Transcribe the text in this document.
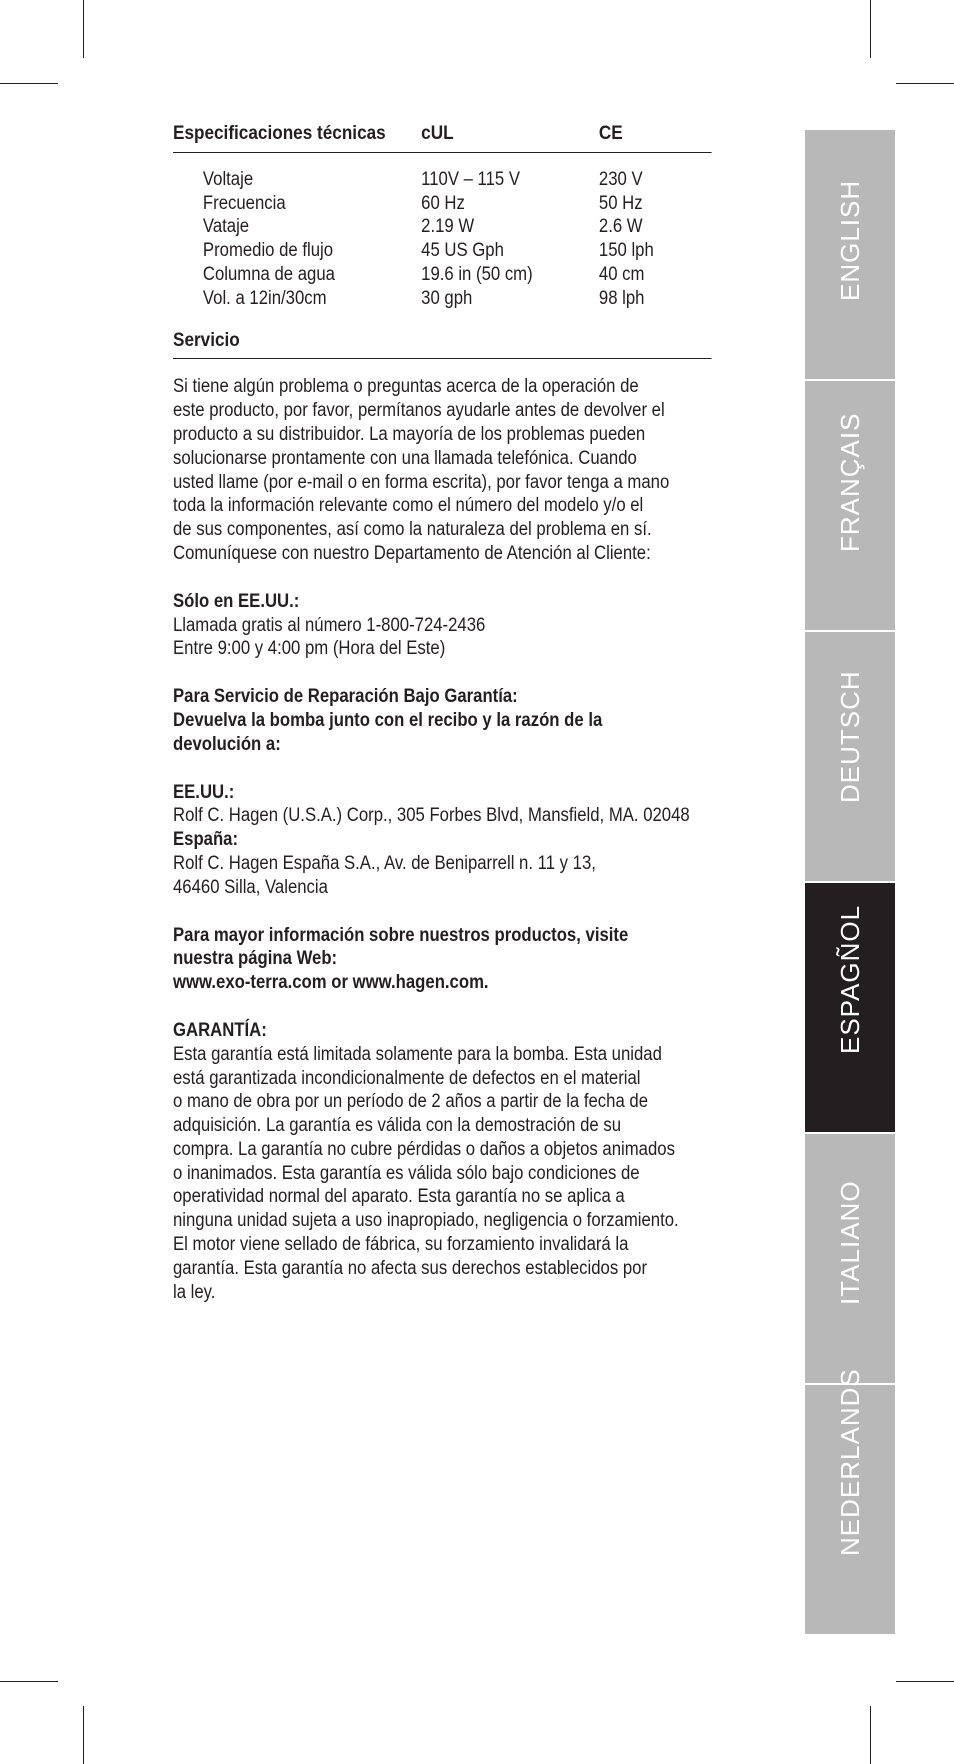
Especificaciones técnicas	cUL	CE
Voltaje	110V – 115 V	230 V
Frecuencia	60 Hz	50 Hz
Vataje	2.19 W	2.6 W
Promedio de flujo	45 US Gph	150 lph
Columna de agua	19.6 in (50 cm)	40 cm
Vol. a 12in/30cm	30 gph	98 lph
Servicio

Si tiene algún problema o preguntas acerca de la operación de
este producto, por favor, permítanos ayudarle antes de devolver el
producto a su distribuidor. La mayoría de los problemas pueden
solucionarse prontamente con una llamada telefónica. Cuando
usted llame (por e-mail o en forma escrita), por favor tenga a mano
toda la información relevante como el número del modelo y/o el
de sus componentes, así como la naturaleza del problema en sí.
Comuníquese con nuestro Departamento de Atención al Cliente:

Sólo en EE.UU.:
Llamada gratis al número 1-800-724-2436
Entre 9:00 y 4:00 pm (Hora del Este)

Para Servicio de Reparación Bajo Garantía:
Devuelva la bomba junto con el recibo y la razón de la
devolución a:

EE.UU.:
Rolf C. Hagen (U.S.A.) Corp., 305 Forbes Blvd, Mansfield, MA. 02048
España:
Rolf C. Hagen España S.A., Av. de Beniparrell n. 11 y 13,
46460 Silla, Valencia

Para mayor información sobre nuestros productos, visite
nuestra página Web:
www.exo-terra.com or www.hagen.com.

GARANTÍA:
Esta garantía está limitada solamente para la bomba. Esta unidad
está garantizada incondicionalmente de defectos en el material
o mano de obra por un período de 2 años a partir de la fecha de
adquisición. La garantía es válida con la demostración de su
compra. La garantía no cubre pérdidas o daños a objetos animados
o inanimados. Esta garantía es válida sólo bajo condiciones de
operatividad normal del aparato. Esta garantía no se aplica a
ninguna unidad sujeta a uso inapropiado, negligencia o forzamiento.
El motor viene sellado de fábrica, su forzamiento invalidará la
garantía. Esta garantía no afecta sus derechos establecidos por
la ley.

ENGLISH
FRANÇAIS
DEUTSCH
ESPAGÑOL
ITALIANO
NEDERLANDS
